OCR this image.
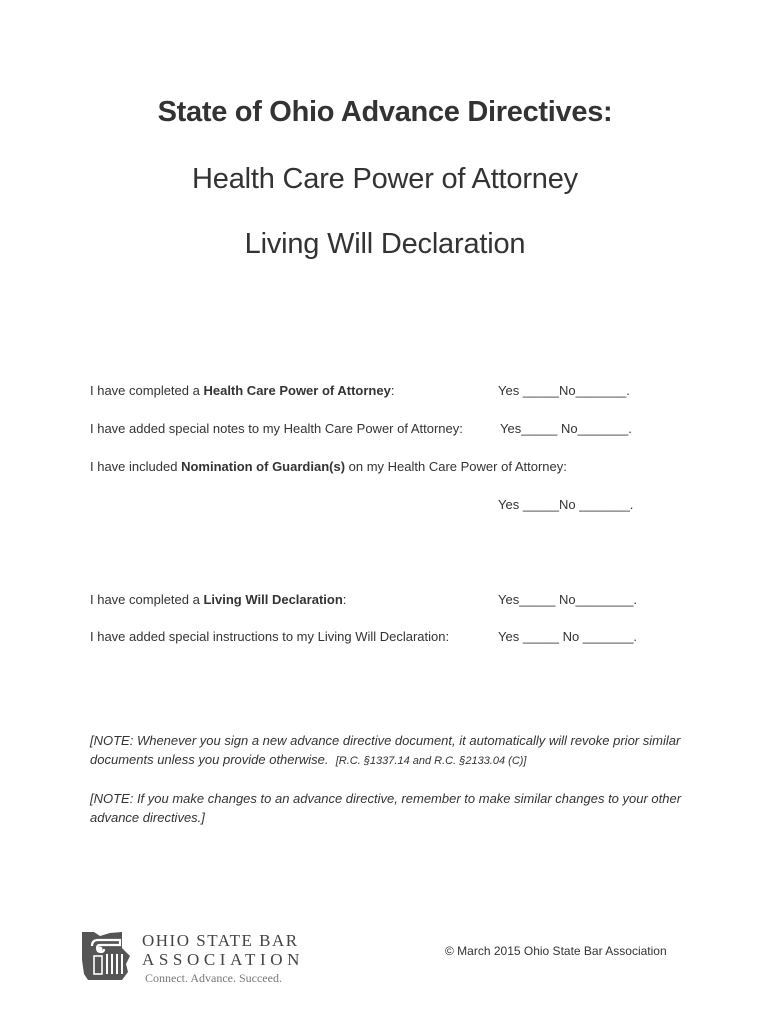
State of Ohio Advance Directives:
Health Care Power of Attorney
Living Will Declaration
I have completed a Health Care Power of Attorney:	Yes _____No_______.
I have added special notes to my Health Care Power of Attorney:	Yes_____ No_______.
I have included Nomination of Guardian(s) on my Health Care Power of Attorney:
Yes _____No _______.
I have completed a Living Will Declaration:	Yes_____ No________.
I have added special instructions to my Living Will Declaration:	Yes _____ No _______.
[NOTE: Whenever you sign a new advance directive document, it automatically will revoke prior similar documents unless you provide otherwise. [R.C. §1337.14 and R.C. §2133.04 (C)]
[NOTE: If you make changes to an advance directive, remember to make similar changes to your other advance directives.]
OHIO STATE BAR
ASSOCIATION
Connect. Advance. Succeed.
© March 2015 Ohio State Bar Association
